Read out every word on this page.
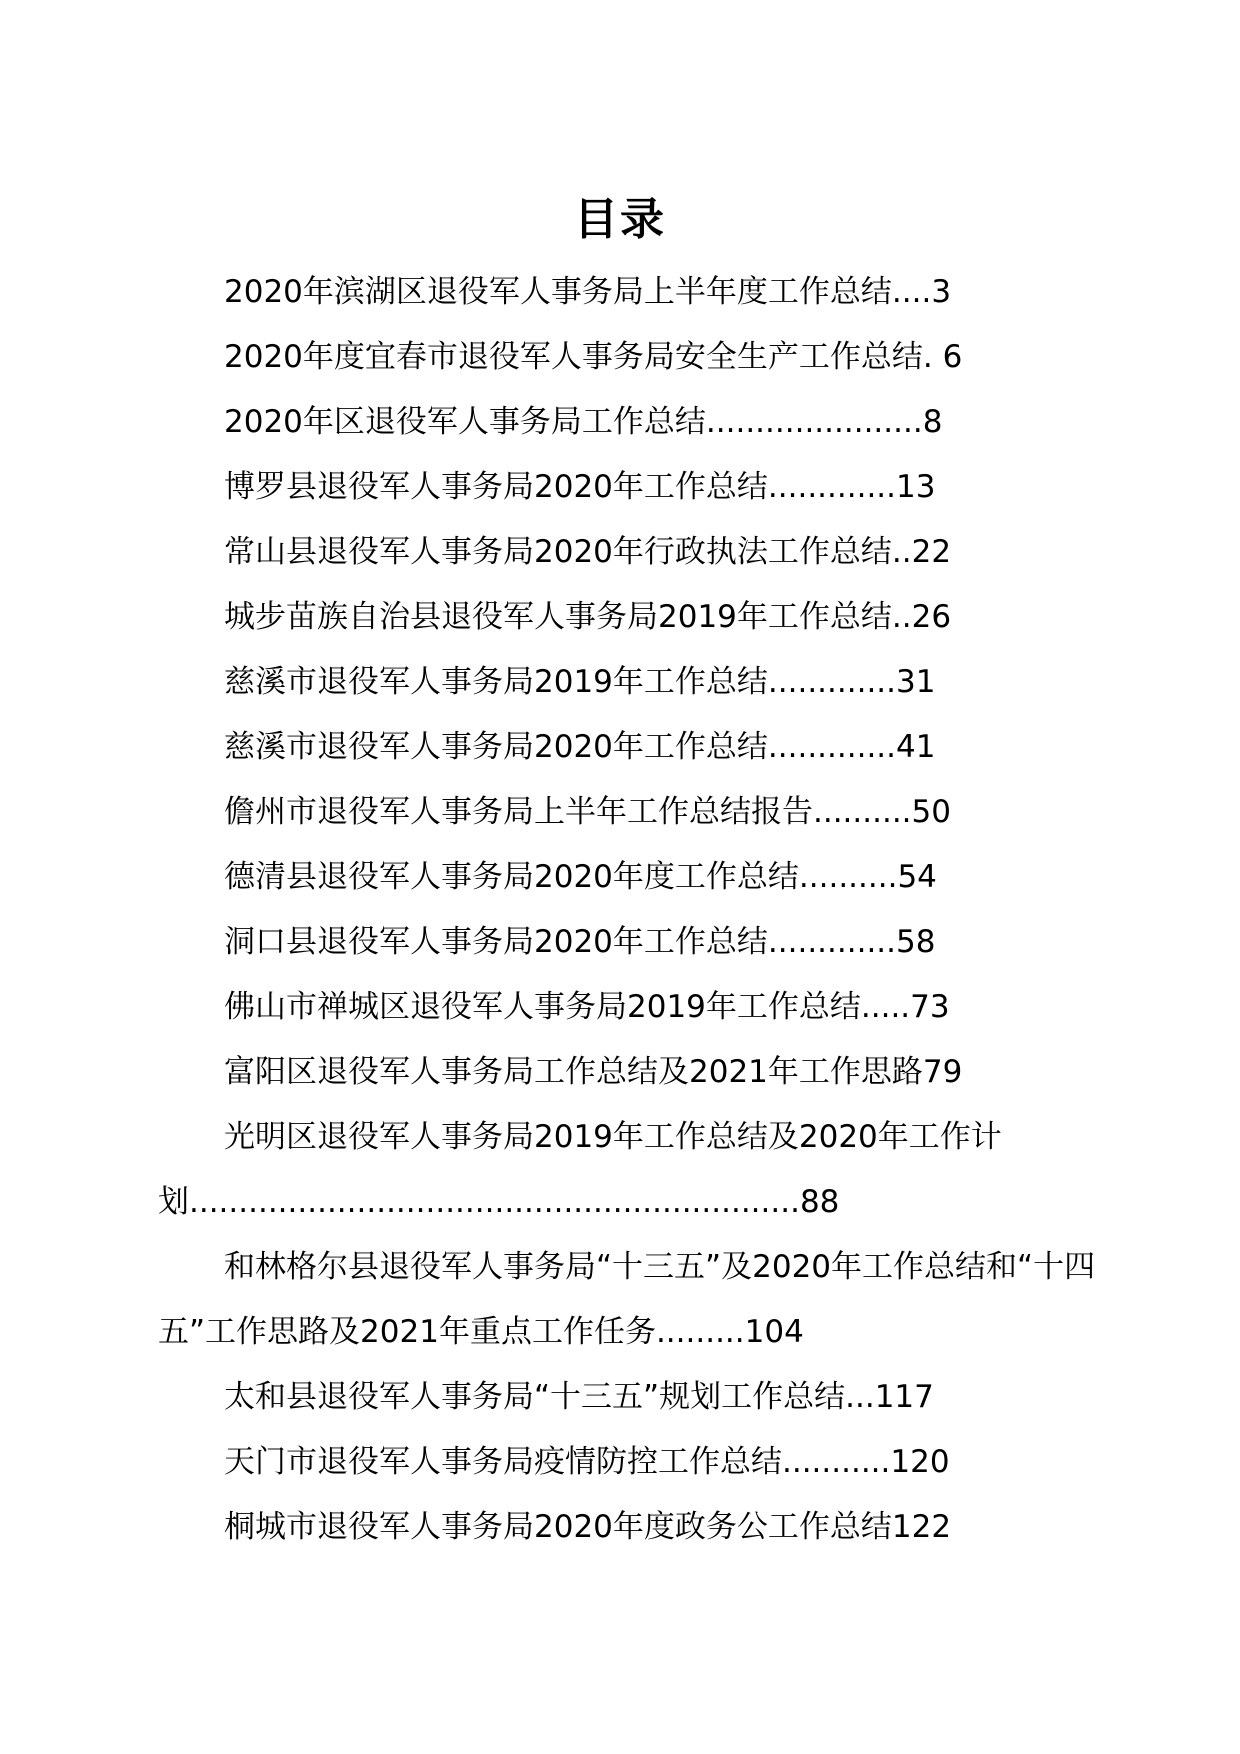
目录
2020年滨湖区退役军人事务局上半年度工作总结....3
2020年度宜春市退役军人事务局安全生产工作总结. 6
2020年区退役军人事务局工作总结......................8
博罗县退役军人事务局2020年工作总结.............13
常山县退役军人事务局2020年行政执法工作总结..22
城步苗族自治县退役军人事务局2019年工作总结..26
慈溪市退役军人事务局2019年工作总结.............31
慈溪市退役军人事务局2020年工作总结.............41
儋州市退役军人事务局上半年工作总结报告..........50
德清县退役军人事务局2020年度工作总结..........54
洞口县退役军人事务局2020年工作总结.............58
佛山市禅城区退役军人事务局2019年工作总结.....73
富阳区退役军人事务局工作总结及2021年工作思路79
光明区退役军人事务局2019年工作总结及2020年工作计划..............................................................88
和林格尔县退役军人事务局“十三五”及2020年工作总结和“十四五”工作思路及2021年重点工作任务.........104
太和县退役军人事务局“十三五”规划工作总结...117
天门市退役军人事务局疫情防控工作总结...........120
桐城市退役军人事务局2020年度政务公工作总结122
